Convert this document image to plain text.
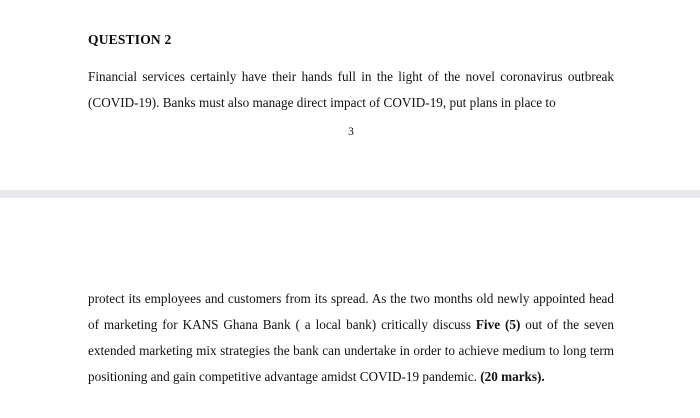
QUESTION 2

Financial services certainly have their hands full in the light of the novel coronavirus outbreak (COVID-19). Banks must also manage direct impact of COVID-19, put plans in place to

3

protect its employees and customers from its spread. As the two months old newly appointed head of marketing for KANS Ghana Bank ( a local bank) critically discuss Five (5) out of the seven extended marketing mix strategies the bank can undertake in order to achieve medium to long term positioning and gain competitive advantage amidst COVID-19 pandemic. (20 marks).
